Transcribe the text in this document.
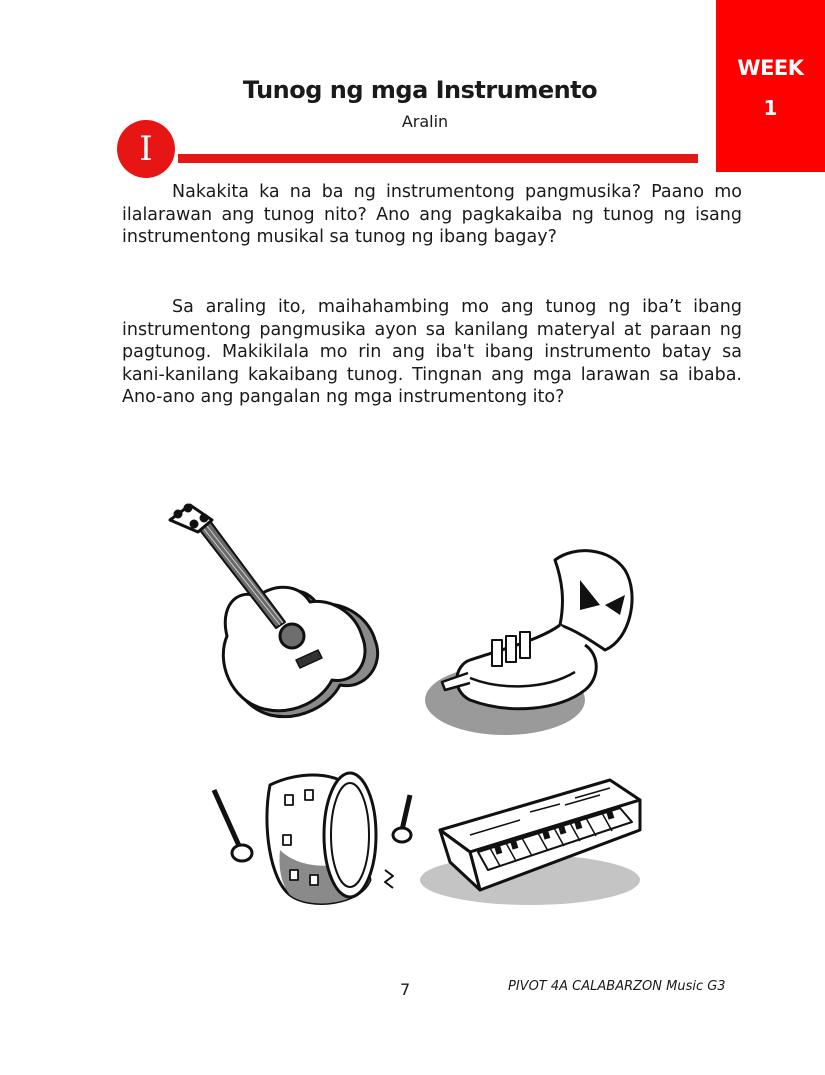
WEEK
1
Tunog ng mga Instrumento
Aralin
I

Nakakita ka na ba ng instrumentong pangmusika? Paano mo ilalarawan ang tunog nito? Ano ang pagkakaiba ng tunog ng isang instrumentong musikal sa tunog ng ibang bagay?

Sa araling ito, maihahambing mo ang tunog ng iba’t ibang instrumentong pangmusika ayon sa kanilang materyal at paraan ng pagtunog. Makikilala mo rin ang iba't ibang instrumento batay sa kani-kanilang kakaibang tunog. Tingnan ang mga larawan sa ibaba. Ano-ano ang pangalan ng mga instrumentong ito?

7	PIVOT 4A CALABARZON Music G3
